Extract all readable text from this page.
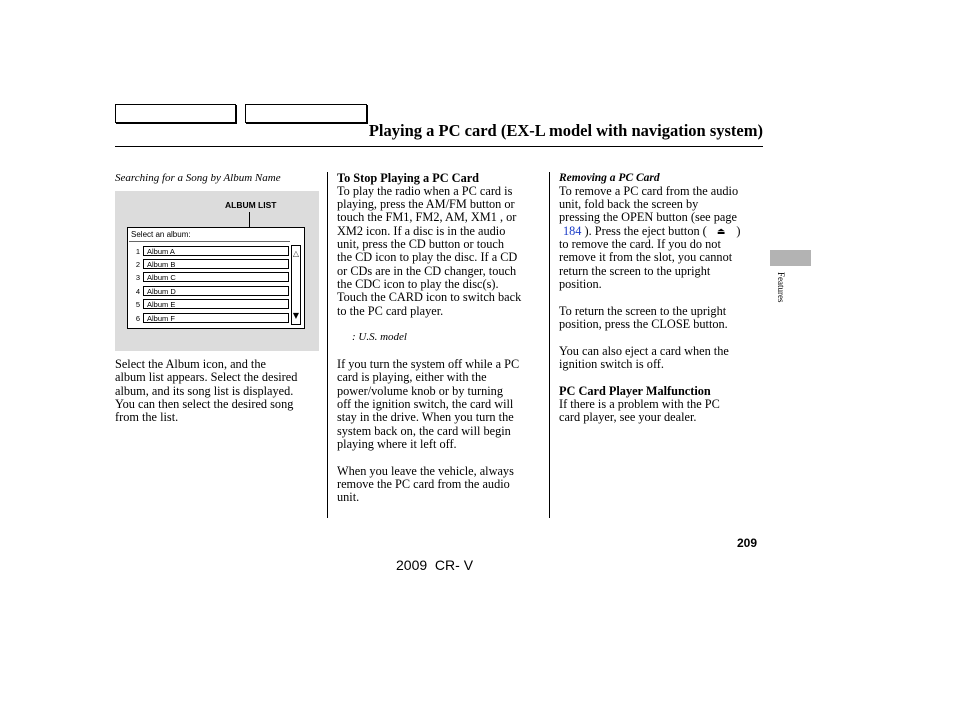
Playing a PC card (EX-L model with navigation system)
Searching for a Song by Album Name
ALBUM LIST
Select an album:
1 Album A
2 Album B
3 Album C
4 Album D
5 Album E
6 Album F
△
▼
Select the Album icon, and the
album list appears. Select the desired
album, and its song list is displayed.
You can then select the desired song
from the list.
To Stop Playing a PC Card
To play the radio when a PC card is
playing, press the AM/FM button or
touch the FM1, FM2, AM, XM1 , or
XM2 icon. If a disc is in the audio
unit, press the CD button or touch
the CD icon to play the disc. If a CD
or CDs are in the CD changer, touch
the CDC icon to play the disc(s).
Touch the CARD icon to switch back
to the PC card player.
: U.S. model
If you turn the system off while a PC
card is playing, either with the
power/volume knob or by turning
off the ignition switch, the card will
stay in the drive. When you turn the
system back on, the card will begin
playing where it left off.
When you leave the vehicle, always
remove the PC card from the audio
unit.
Removing a PC Card
To remove a PC card from the audio
unit, fold back the screen by
pressing the OPEN button (see page
184 ). Press the eject button ( ⏏ )
to remove the card. If you do not
remove it from the slot, you cannot
return the screen to the upright
position.
To return the screen to the upright
position, press the CLOSE button.
You can also eject a card when the
ignition switch is off.
PC Card Player Malfunction
If there is a problem with the PC
card player, see your dealer.
Features
209
2009  CR- V
